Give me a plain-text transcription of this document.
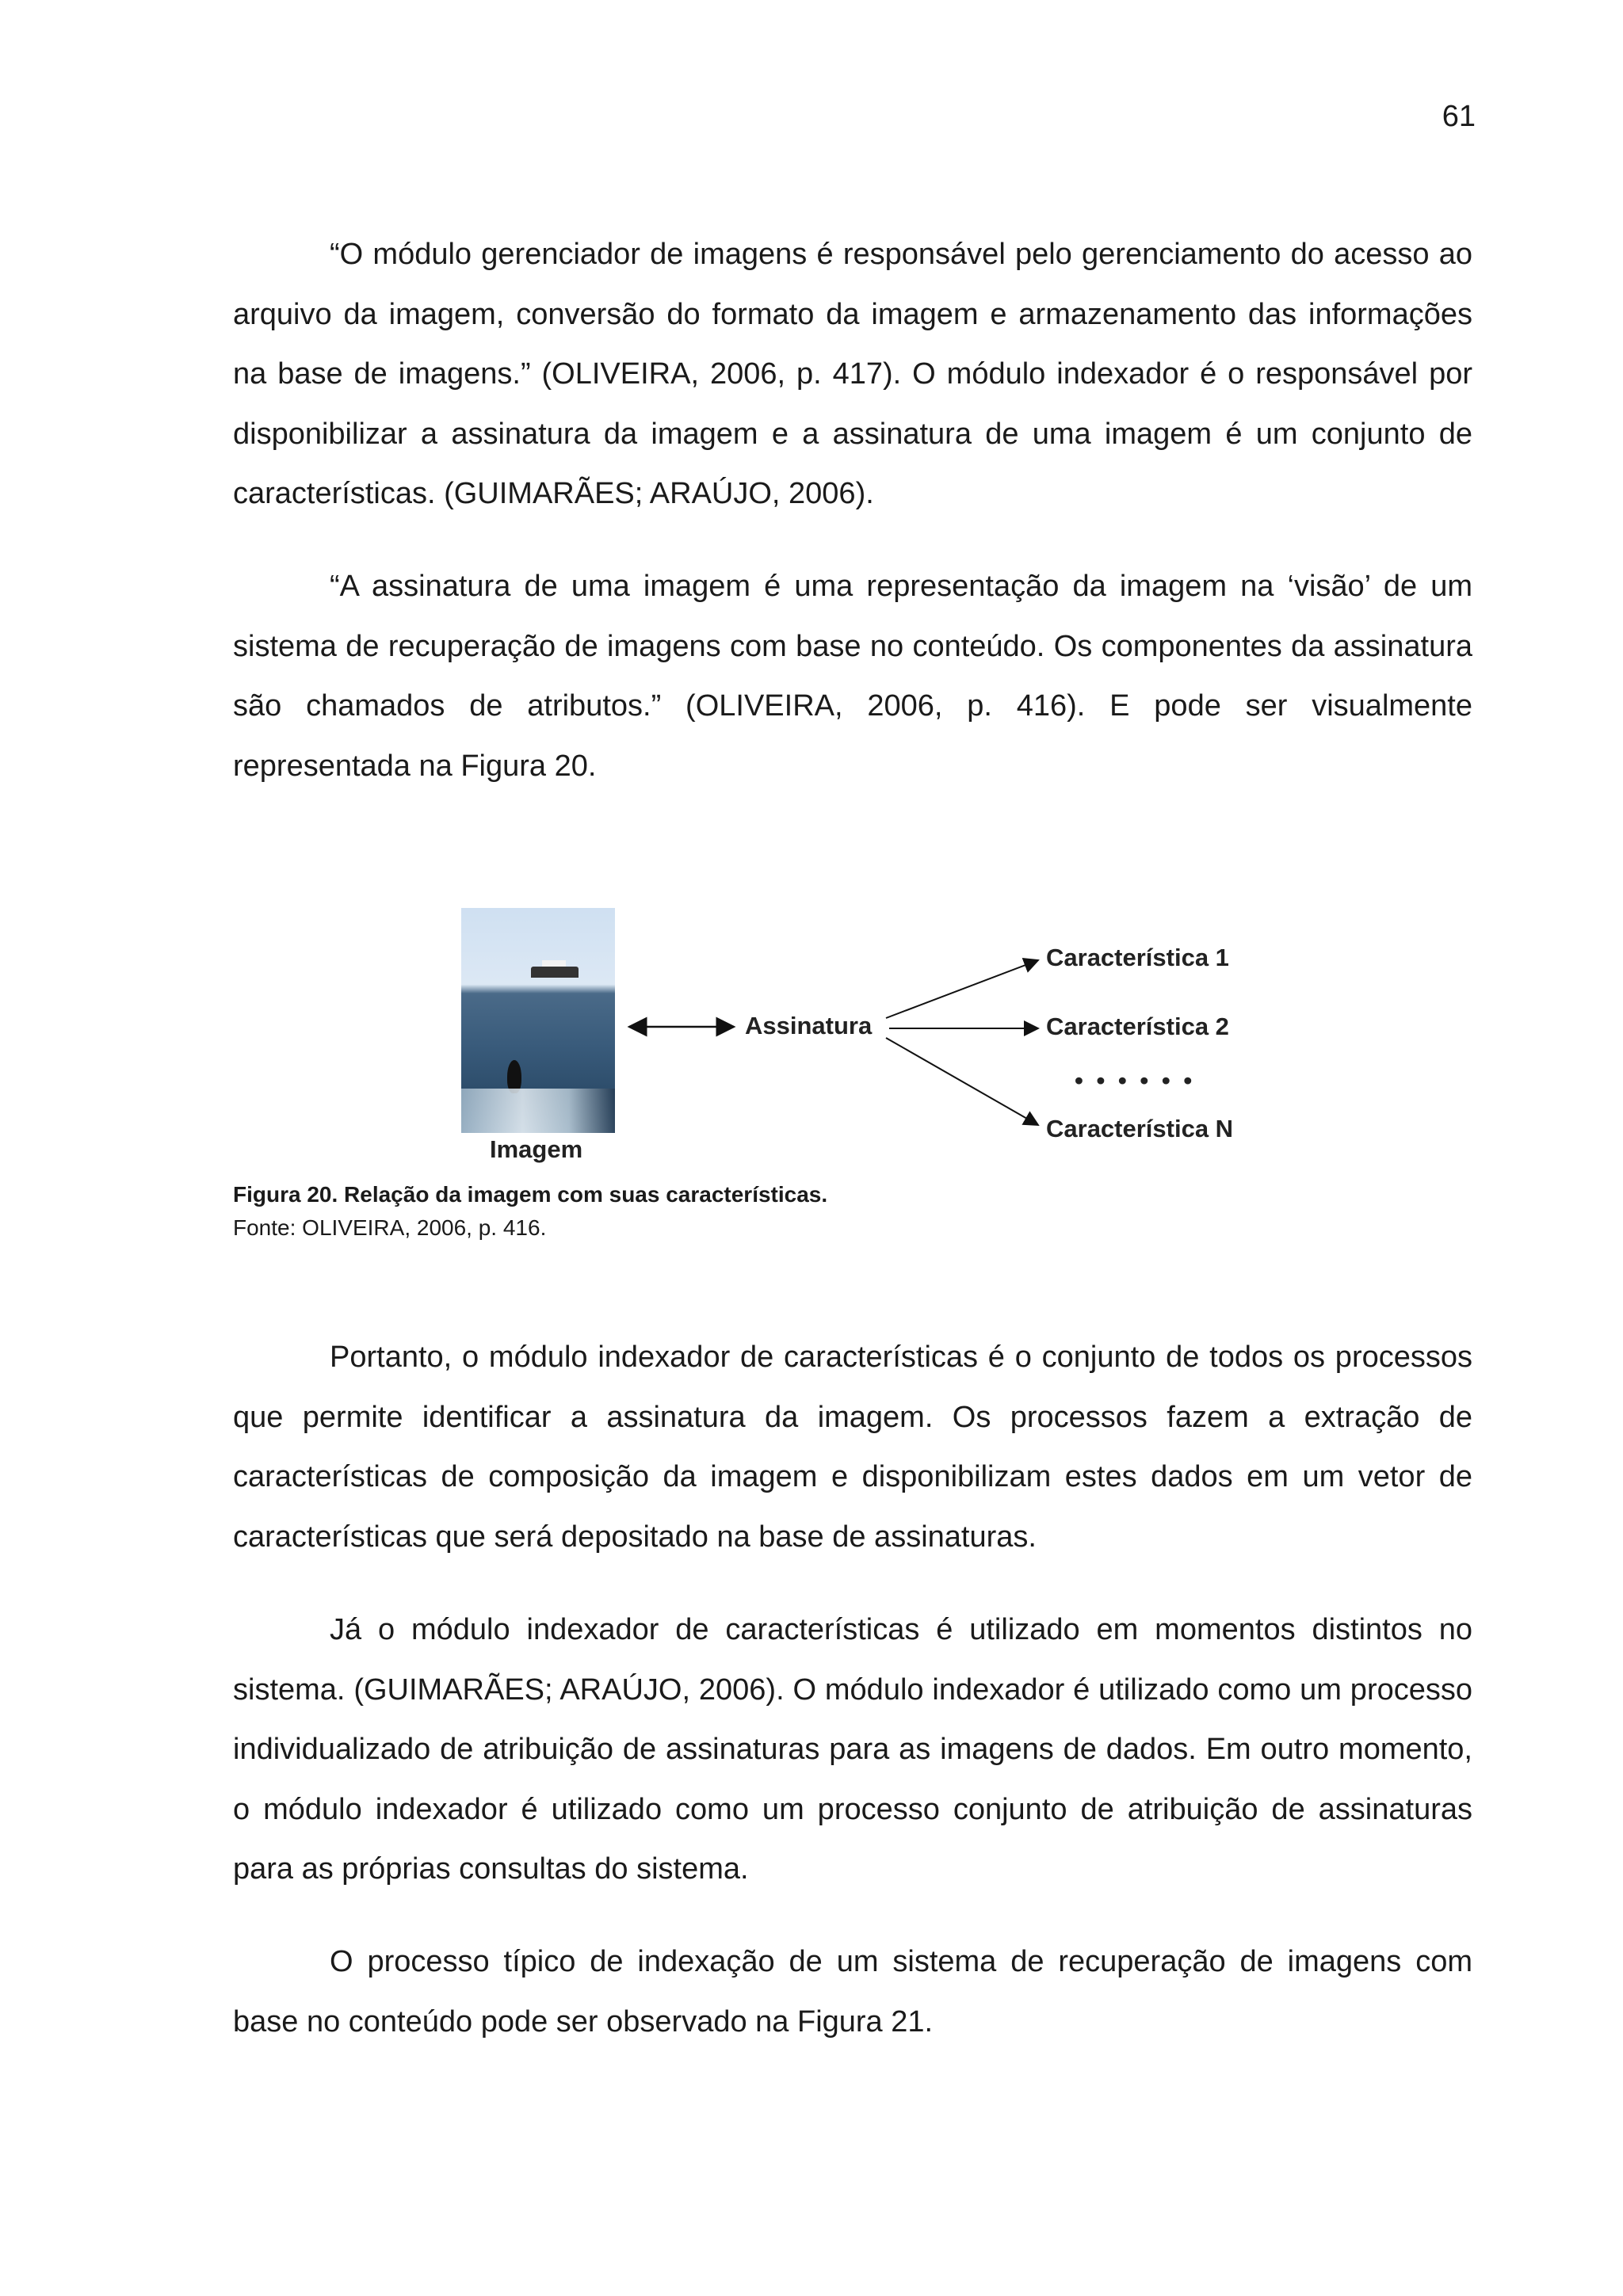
61

“O módulo gerenciador de imagens é responsável pelo gerenciamento do acesso ao arquivo da imagem, conversão do formato da imagem e armazenamento das informações na base de imagens.” (OLIVEIRA, 2006, p. 417). O módulo indexador é o responsável por disponibilizar a assinatura da imagem e a assinatura de uma imagem é um conjunto de características. (GUIMARÃES; ARAÚJO, 2006).

“A assinatura de uma imagem é uma representação da imagem na ‘visão’ de um sistema de recuperação de imagens com base no conteúdo. Os componentes da assinatura são chamados de atributos.” (OLIVEIRA, 2006, p. 416). E pode ser visualmente representada na Figura 20.

Assinatura
Característica 1
Característica 2
• • • • • •
Característica N
Imagem
Figura 20. Relação da imagem com suas características.
Fonte: OLIVEIRA, 2006, p. 416.

Portanto, o módulo indexador de características é o conjunto de todos os processos que permite identificar a assinatura da imagem. Os processos fazem a extração de características de composição da imagem e disponibilizam estes dados em um vetor de características que será depositado na base de assinaturas.

Já o módulo indexador de características é utilizado em momentos distintos no sistema. (GUIMARÃES; ARAÚJO, 2006). O módulo indexador é utilizado como um processo individualizado de atribuição de assinaturas para as imagens de dados. Em outro momento, o módulo indexador é utilizado como um processo conjunto de atribuição de assinaturas para as próprias consultas do sistema.

O processo típico de indexação de um sistema de recuperação de imagens com base no conteúdo pode ser observado na Figura 21.
